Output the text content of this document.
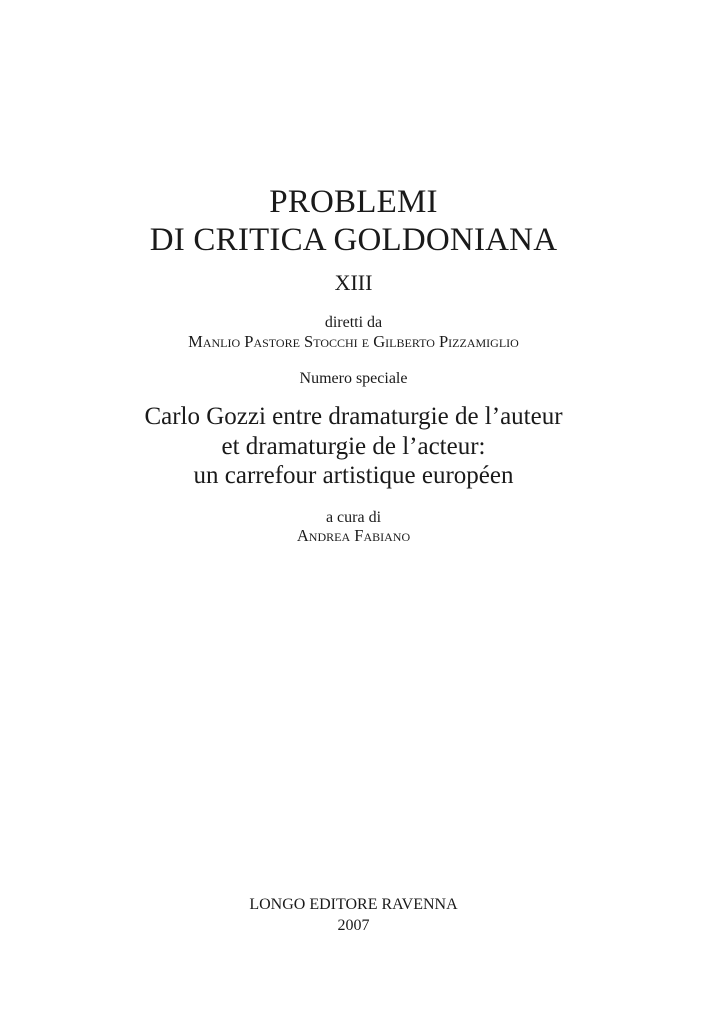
PROBLEMI
DI CRITICA GOLDONIANA
XIII
diretti da
Manlio Pastore Stocchi e Gilberto Pizzamiglio
Numero speciale
Carlo Gozzi entre dramaturgie de l’auteur
et dramaturgie de l’acteur:
un carrefour artistique européen
a cura di
Andrea Fabiano
LONGO EDITORE RAVENNA
2007
